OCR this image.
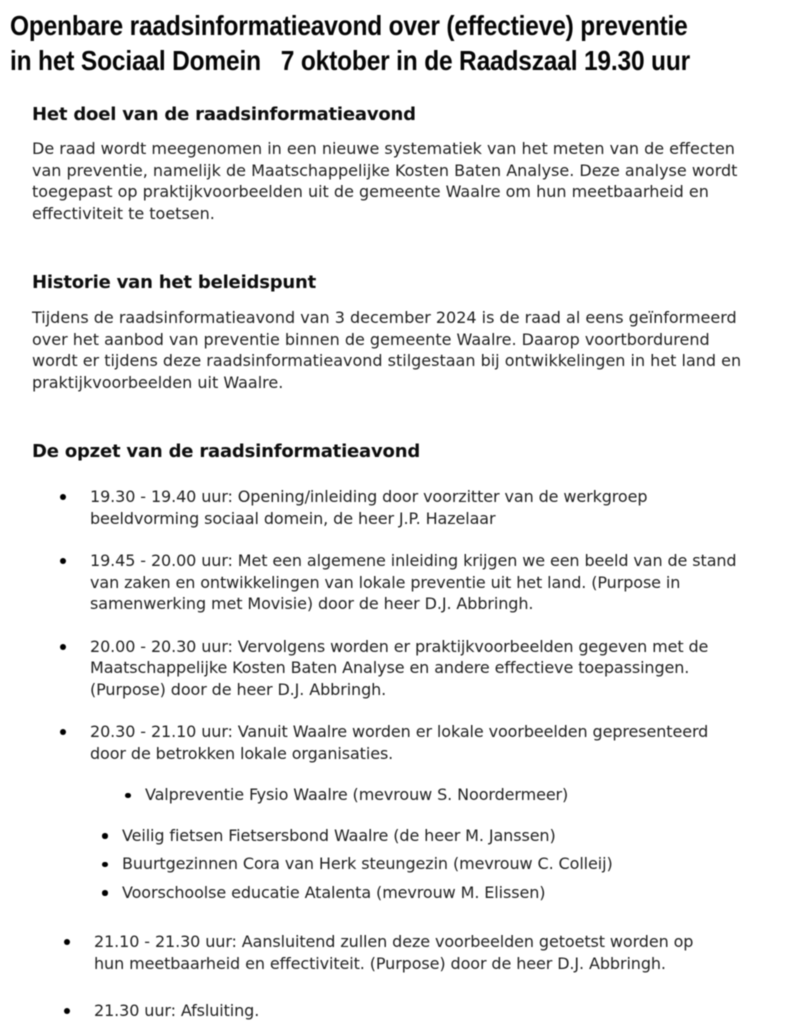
Openbare raadsinformatieavond over (effectieve) preventie
in het Sociaal Domein   7 oktober in de Raadszaal 19.30 uur
Het doel van de raadsinformatieavond

De raad wordt meegenomen in een nieuwe systematiek van het meten van de effecten
van preventie, namelijk de Maatschappelijke Kosten Baten Analyse. Deze analyse wordt
toegepast op praktijkvoorbeelden uit de gemeente Waalre om hun meetbaarheid en
effectiviteit te toetsen.

Historie van het beleidspunt

Tijdens de raadsinformatieavond van 3 december 2024 is de raad al eens geïnformeerd
over het aanbod van preventie binnen de gemeente Waalre. Daarop voortbordurend
wordt er tijdens deze raadsinformatieavond stilgestaan bij ontwikkelingen in het land en
praktijkvoorbeelden uit Waalre.

De opzet van de raadsinformatieavond
19.30 - 19.40 uur: Opening/inleiding door voorzitter van de werkgroep
beeldvorming sociaal domein, de heer J.P. Hazelaar
19.45 - 20.00 uur: Met een algemene inleiding krijgen we een beeld van de stand
van zaken en ontwikkelingen van lokale preventie uit het land. (Purpose in
samenwerking met Movisie) door de heer D.J. Abbringh.
20.00 - 20.30 uur: Vervolgens worden er praktijkvoorbeelden gegeven met de
Maatschappelijke Kosten Baten Analyse en andere effectieve toepassingen.
(Purpose) door de heer D.J. Abbringh.
20.30 - 21.10 uur: Vanuit Waalre worden er lokale voorbeelden gepresenteerd
door de betrokken lokale organisaties.
Valpreventie Fysio Waalre (mevrouw S. Noordermeer)
Veilig fietsen Fietsersbond Waalre (de heer M. Janssen)
Buurtgezinnen Cora van Herk steungezin (mevrouw C. Colleij)
Voorschoolse educatie Atalenta (mevrouw M. Elissen)
21.10 - 21.30 uur: Aansluitend zullen deze voorbeelden getoetst worden op
hun meetbaarheid en effectiviteit. (Purpose) door de heer D.J. Abbringh.
21.30 uur: Afsluiting.
